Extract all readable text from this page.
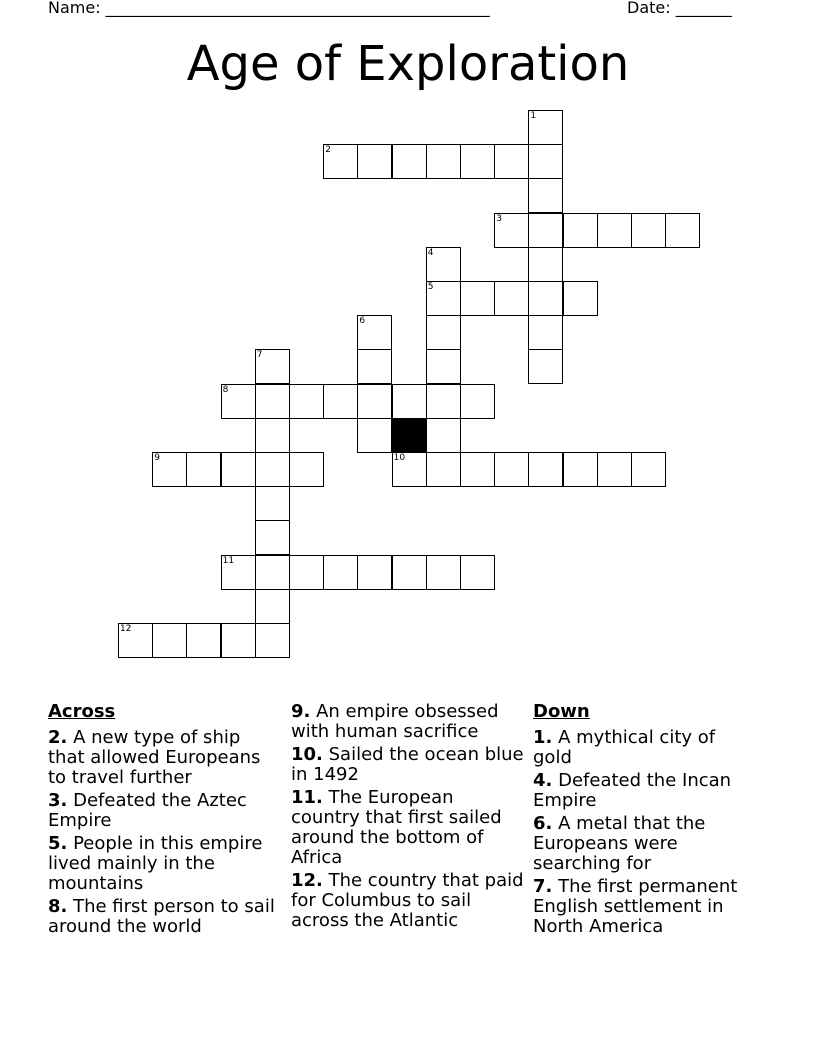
Name: ________________________________________________	Date: _______
Age of Exploration
1
2
3
4
5
6
7
8
9	10
11
12
Across
2. A new type of ship that allowed Europeans to travel further
3. Defeated the Aztec Empire
5. People in this empire lived mainly in the mountains
8. The first person to sail around the world
9. An empire obsessed with human sacrifice
10. Sailed the ocean blue in 1492
11. The European country that first sailed around the bottom of Africa
12. The country that paid for Columbus to sail across the Atlantic
Down
1. A mythical city of gold
4. Defeated the Incan Empire
6. A metal that the Europeans were searching for
7. The first permanent English settlement in North America
